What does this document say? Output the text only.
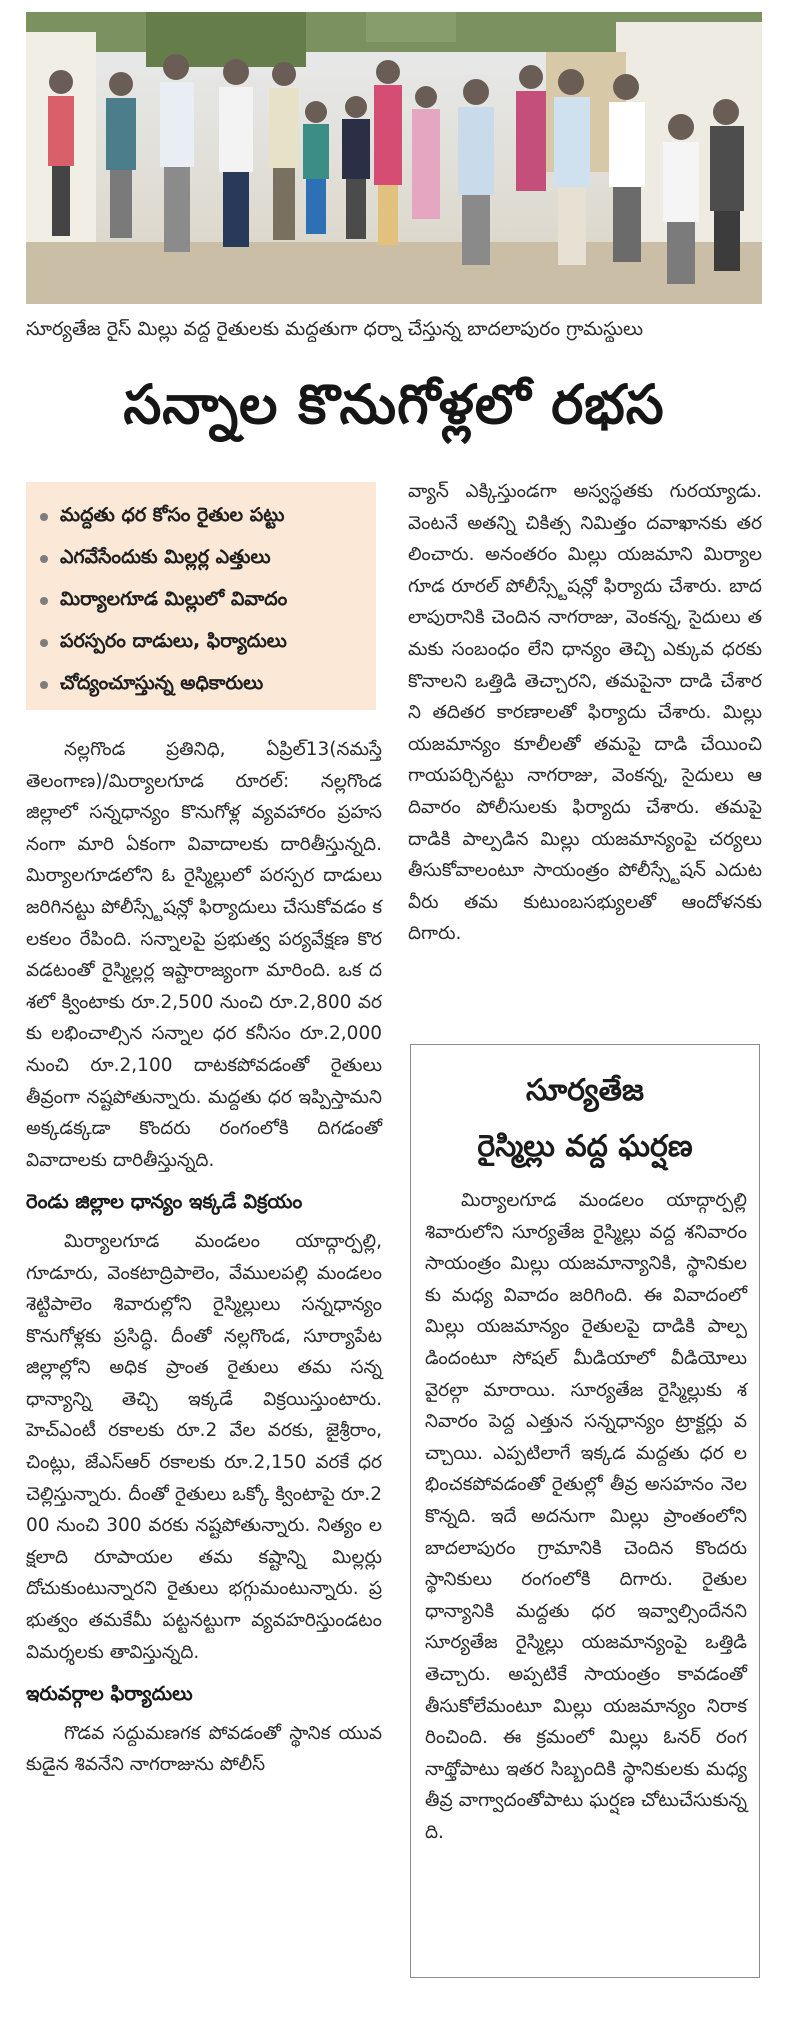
సూర్యతేజ రైస్ మిల్లు వద్ద రైతులకు మద్దతుగా ధర్నా చేస్తున్న బాదలాపురం గ్రామస్థులు
సన్నాల కొనుగోళ్లలో రభస
మద్దతు ధర కోసం రైతుల పట్టు
ఎగవేసేందుకు మిల్లర్ల ఎత్తులు
మిర్యాలగూడ మిల్లులో వివాదం
పరస్పరం దాడులు, ఫిర్యాదులు
చోద్యంచూస్తున్న అధికారులు

నల్లగొండ ప్రతినిధి, ఏప్రిల్13(నమస్తే తెలంగాణ)/మిర్యాలగూడ రూరల్: నల్లగొండ జిల్లాలో సన్నధాన్యం కొనుగోళ్ల వ్యవహారం ప్రహసనంగా మారి ఏకంగా వివాదాలకు దారితీస్తున్నది. మిర్యాలగూడలోని ఓ రైస్మిల్లులో పరస్పర దాడులు జరిగినట్టు పోలీస్స్టేషన్లో ఫిర్యాదులు చేసుకోవడం కలకలం రేపింది. సన్నాలపై ప్రభుత్వ పర్యవేక్షణ కొరవడటంతో రైస్మిల్లర్ల ఇష్టారాజ్యంగా మారింది. ఒక దశలో క్వింటాకు రూ.2,500 నుంచి రూ.2,800 వరకు లభించాల్సిన సన్నాల ధర కనీసం రూ.2,000 నుంచి రూ.2,100 దాటకపోవడంతో రైతులు తీవ్రంగా నష్టపోతున్నారు. మద్దతు ధర ఇప్పిస్తామని అక్కడక్కడా కొందరు రంగంలోకి దిగడంతో వివాదాలకు దారితీస్తున్నది.

రెండు జిల్లాల ధాన్యం ఇక్కడే విక్రయం

మిర్యాలగూడ మండలం యాద్గార్పల్లి, గూడూరు, వెంకటాద్రిపాలెం, వేములపల్లి మండలం శెట్టిపాలెం శివారుల్లోని రైస్మిల్లులు సన్నధాన్యం కొనుగోళ్లకు ప్రసిద్ధి. దీంతో నల్లగొండ, సూర్యాపేట జిల్లాల్లోని అధిక ప్రాంత రైతులు తమ సన్నధాన్యాన్ని తెచ్చి ఇక్కడే విక్రయిస్తుంటారు. హెచ్ఎంటీ రకాలకు రూ.2 వేల వరకు, జైశ్రీరాం, చింట్లు, జేఎస్ఆర్ రకాలకు రూ.2,150 వరకే ధర చెల్లిస్తున్నారు. దీంతో రైతులు ఒక్కో క్వింటాపై రూ.200 నుంచి 300 వరకు నష్టపోతున్నారు. నిత్యం లక్షలాది రూపాయల తమ కష్టాన్ని మిల్లర్లు దోచుకుంటున్నారని రైతులు భగ్గుమంటున్నారు. ప్రభుత్వం తమకేమీ పట్టనట్టుగా వ్యవహరిస్తుండటం విమర్శలకు తావిస్తున్నది.

ఇరువర్గాల ఫిర్యాదులు

గొడవ సద్దుమణగక పోవడంతో స్థానిక యువకుడైన శివనేని నాగరాజును పోలీస్

వ్యాన్ ఎక్కిస్తుండగా అస్వస్థతకు గురయ్యాడు. వెంటనే అతన్ని చికిత్స నిమిత్తం దవాఖానకు తరలించారు. అనంతరం మిల్లు యజమాని మిర్యాలగూడ రూరల్ పోలీస్స్టేషన్లో ఫిర్యాదు చేశారు. బాదలాపురానికి చెందిన నాగరాజు, వెంకన్న, సైదులు తమకు సంబంధం లేని ధాన్యం తెచ్చి ఎక్కువ ధరకు కొనాలని ఒత్తిడి తెచ్చారని, తమపైనా దాడి చేశారని తదితర కారణాలతో ఫిర్యాదు చేశారు. మిల్లు యజమాన్యం కూలీలతో తమపై దాడి చేయించి గాయపర్చినట్టు నాగరాజు, వెంకన్న, సైదులు ఆదివారం పోలీసులకు ఫిర్యాదు చేశారు. తమపై దాడికి పాల్పడిన మిల్లు యజమాన్యంపై చర్యలు తీసుకోవాలంటూ సాయంత్రం పోలీస్స్టేషన్ ఎదుట వీరు తమ కుటుంబసభ్యులతో ఆందోళనకు దిగారు.

సూర్యతేజ
రైస్మిల్లు వద్ద ఘర్షణ

మిర్యాలగూడ మండలం యాద్గార్పల్లి శివారులోని సూర్యతేజ రైస్మిల్లు వద్ద శనివారం సాయంత్రం మిల్లు యజమాన్యానికి, స్థానికులకు మధ్య వివాదం జరిగింది. ఈ వివాదంలో మిల్లు యజమాన్యం రైతులపై దాడికి పాల్పడిందంటూ సోషల్ మీడియాలో వీడియోలు వైరల్గా మారాయి. సూర్యతేజ రైస్మిల్లుకు శనివారం పెద్ద ఎత్తున సన్నధాన్యం ట్రాక్టర్లు వచ్చాయి. ఎప్పటిలాగే ఇక్కడ మద్దతు ధర లభించకపోవడంతో రైతుల్లో తీవ్ర అసహనం నెలకొన్నది. ఇదే అదనుగా మిల్లు ప్రాంతంలోని బాదలాపురం గ్రామానికి చెందిన కొందరు స్థానికులు రంగంలోకి దిగారు. రైతుల ధాన్యానికి మద్దతు ధర ఇవ్వాల్సిందేనని సూర్యతేజ రైస్మిల్లు యజమాన్యంపై ఒత్తిడి తెచ్చారు. అప్పటికే సాయంత్రం కావడంతో తీసుకోలేమంటూ మిల్లు యజమాన్యం నిరాకరించింది. ఈ క్రమంలో మిల్లు ఓనర్ రంగనాథ్తోపాటు ఇతర సిబ్బందికి స్థానికులకు మధ్య తీవ్ర వాగ్వాదంతోపాటు ఘర్షణ చోటుచేసుకున్నది.
